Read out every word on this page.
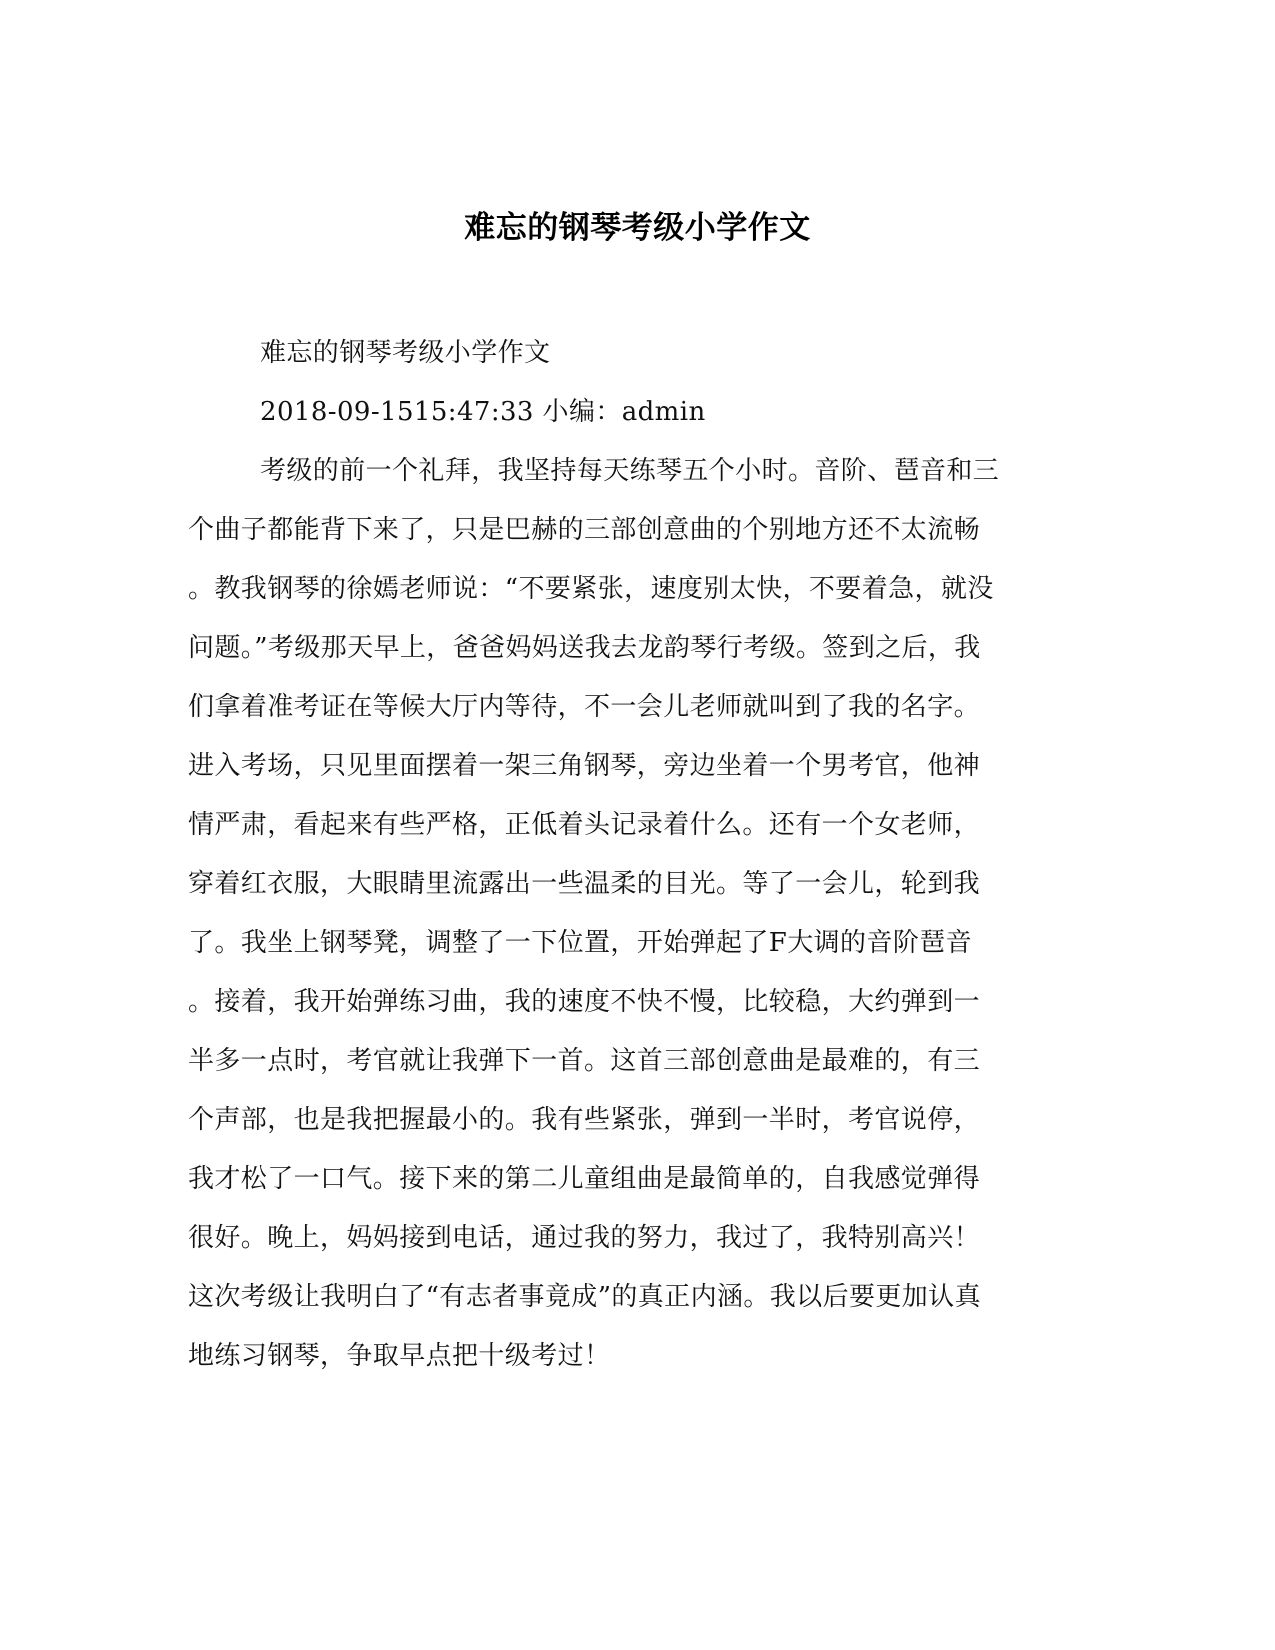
难忘的钢琴考级小学作文
难忘的钢琴考级小学作文
2018-09-1515:47:33 小编：admin
考级的前一个礼拜，我坚持每天练琴五个小时。音阶、琶音和三
个曲子都能背下来了，只是巴赫的三部创意曲的个别地方还不太流畅
。教我钢琴的徐嫣老师说：“不要紧张，速度别太快，不要着急，就没
问题。”考级那天早上，爸爸妈妈送我去龙韵琴行考级。签到之后，我
们拿着准考证在等候大厅内等待，不一会儿老师就叫到了我的名字。
进入考场，只见里面摆着一架三角钢琴，旁边坐着一个男考官，他神
情严肃，看起来有些严格，正低着头记录着什么。还有一个女老师，
穿着红衣服，大眼睛里流露出一些温柔的目光。等了一会儿，轮到我
了。我坐上钢琴凳，调整了一下位置，开始弹起了F大调的音阶琶音
。接着，我开始弹练习曲，我的速度不快不慢，比较稳，大约弹到一
半多一点时，考官就让我弹下一首。这首三部创意曲是最难的，有三
个声部，也是我把握最小的。我有些紧张，弹到一半时，考官说停，
我才松了一口气。接下来的第二儿童组曲是最简单的，自我感觉弹得
很好。晚上，妈妈接到电话，通过我的努力，我过了，我特别高兴！
这次考级让我明白了“有志者事竟成”的真正内涵。我以后要更加认真
地练习钢琴，争取早点把十级考过！
